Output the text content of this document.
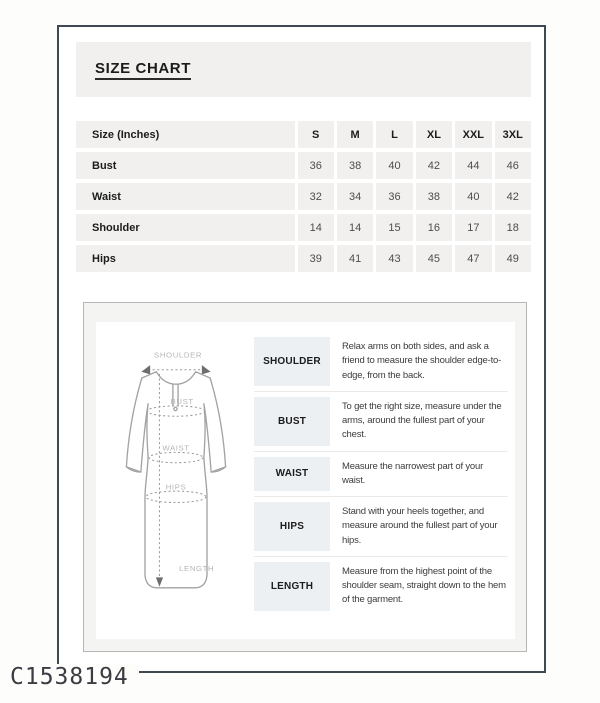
SIZE CHART
Size (Inches)	S	M	L	XL	XXL	3XL
Bust	36	38	40	42	44	46
Waist	32	34	36	38	40	42
Shoulder	14	14	15	16	17	18
Hips	39	41	43	45	47	49
SHOULDER
BUST
WAIST
HIPS
LENGTH
SHOULDER
Relax arms on both sides, and ask a friend to measure the shoulder edge-to-edge, from the back.
BUST
To get the right size, measure under the arms, around the fullest part of your chest.
WAIST
Measure the narrowest part of your waist.
HIPS
Stand with your heels together, and measure around the fullest part of your hips.
LENGTH
Measure from the highest point of the shoulder seam, straight down to the hem of the garment.
C1538194
